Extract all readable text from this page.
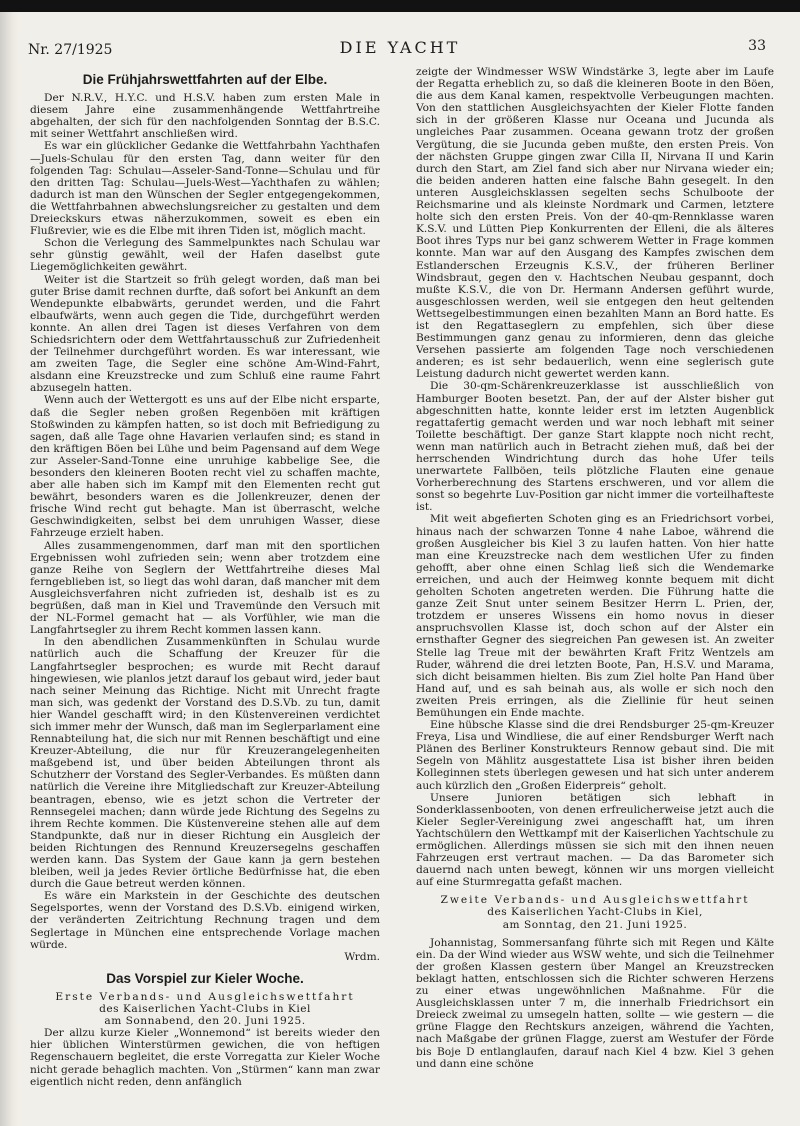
Nr. 27/1925	DIE YACHT	33
Die Frühjahrswettfahrten auf der Elbe.

Der N.R.V., H.Y.C. und H.S.V. haben zum ersten Male in diesem Jahre eine zusammenhängende Wettfahrtreihe abgehalten, der sich für den nachfolgenden Sonntag der B.S.C. mit seiner Wettfahrt anschließen wird.

Es war ein glücklicher Gedanke die Wettfahrbahn Yachthafen—Juels-Schulau für den ersten Tag, dann weiter für den folgenden Tag: Schulau—Asseler-Sand-Tonne—Schulau und für den dritten Tag: Schulau—Juels-West—Yachthafen zu wählen; dadurch ist man den Wünschen der Segler entgegengekommen, die Wettfahrbahnen abwechslungsreicher zu gestalten und dem Dreieckskurs etwas näherzukommen, soweit es eben ein Flußrevier, wie es die Elbe mit ihren Tiden ist, möglich macht.

Schon die Verlegung des Sammelpunktes nach Schulau war sehr günstig gewählt, weil der Hafen daselbst gute Liegemöglichkeiten gewährt.

Weiter ist die Startzeit so früh gelegt worden, daß man bei guter Brise damit rechnen durfte, daß sofort bei Ankunft an dem Wendepunkte elbabwärts, gerundet werden, und die Fahrt elbaufwärts, wenn auch gegen die Tide, durchgeführt werden konnte. An allen drei Tagen ist dieses Verfahren von dem Schiedsrichtern oder dem Wettfahrtausschuß zur Zufriedenheit der Teilnehmer durchgeführt worden. Es war interessant, wie am zweiten Tage, die Segler eine schöne Am-Wind-Fahrt, alsdann eine Kreuzstrecke und zum Schluß eine raume Fahrt abzusegeln hatten.

Wenn auch der Wettergott es uns auf der Elbe nicht ersparte, daß die Segler neben großen Regenböen mit kräftigen Stoßwinden zu kämpfen hatten, so ist doch mit Befriedigung zu sagen, daß alle Tage ohne Havarien verlaufen sind; es stand in den kräftigen Böen bei Lühe und beim Pagensand auf dem Wege zur Asseler-Sand-Tonne eine unruhige kabbelige See, die besonders den kleineren Booten recht viel zu schaffen machte, aber alle haben sich im Kampf mit den Elementen recht gut bewährt, besonders waren es die Jollenkreuzer, denen der frische Wind recht gut behagte. Man ist überrascht, welche Geschwindigkeiten, selbst bei dem unruhigen Wasser, diese Fahrzeuge erzielt haben.

Alles zusammengenommen, darf man mit den sportlichen Ergebnissen wohl zufrieden sein; wenn aber trotzdem eine ganze Reihe von Seglern der Wettfahrtreihe dieses Mal ferngeblieben ist, so liegt das wohl daran, daß mancher mit dem Ausgleichsverfahren nicht zufrieden ist, deshalb ist es zu begrüßen, daß man in Kiel und Travemünde den Versuch mit der NL-Formel gemacht hat — als Vorfühler, wie man die Langfahrtsegler zu ihrem Recht kommen lassen kann.

In den abendlichen Zusammenkünften in Schulau wurde natürlich auch die Schaffung der Kreuzer für die Langfahrtsegler besprochen; es wurde mit Recht darauf hingewiesen, wie planlos jetzt darauf los gebaut wird, jeder baut nach seiner Meinung das Richtige. Nicht mit Unrecht fragte man sich, was gedenkt der Vorstand des D.S.Vb. zu tun, damit hier Wandel geschafft wird; in den Küstenvereinen verdichtet sich immer mehr der Wunsch, daß man im Seglerparlament eine Rennabteilung hat, die sich nur mit Rennen beschäftigt und eine Kreuzer-Abteilung, die nur für Kreuzerangelegenheiten maßgebend ist, und über beiden Abteilungen thront als Schutzherr der Vorstand des Segler-Verbandes. Es müßten dann natürlich die Vereine ihre Mitgliedschaft zur Kreuzer-Abteilung beantragen, ebenso, wie es jetzt schon die Vertreter der Rennsegelei machen; dann würde jede Richtung des Segelns zu ihrem Rechte kommen. Die Küstenvereine stehen alle auf dem Standpunkte, daß nur in dieser Richtung ein Ausgleich der beiden Richtungen des Rennund Kreuzersegelns geschaffen werden kann. Das System der Gaue kann ja gern bestehen bleiben, weil ja jedes Revier örtliche Bedürfnisse hat, die eben durch die Gaue betreut werden können.

Es wäre ein Markstein in der Geschichte des deutschen Segelsportes, wenn der Vorstand des D.S.Vb. einigend wirken, der veränderten Zeitrichtung Rechnung tragen und dem Seglertage in München eine entsprechende Vorlage machen würde.

Wrdm.

Das Vorspiel zur Kieler Woche.

Erste Verbands- und Ausgleichswettfahrt

des Kaiserlichen Yacht-Clubs in Kiel

am Sonnabend, den 20. Juni 1925.

Der allzu kurze Kieler „Wonnemond“ ist bereits wieder den hier üblichen Winterstürmen gewichen, die von heftigen Regenschauern begleitet, die erste Vorregatta zur Kieler Woche nicht gerade behaglich machten. Von „Stürmen“ kann man zwar eigentlich nicht reden, denn anfänglich

zeigte der Windmesser WSW Windstärke 3, legte aber im Laufe der Regatta erheblich zu, so daß die kleineren Boote in den Böen, die aus dem Kanal kamen, respektvolle Verbeugungen machten. Von den stattlichen Ausgleichsyachten der Kieler Flotte fanden sich in der größeren Klasse nur Oceana und Jucunda als ungleiches Paar zusammen. Oceana gewann trotz der großen Vergütung, die sie Jucunda geben mußte, den ersten Preis. Von der nächsten Gruppe gingen zwar Cilla II, Nirvana II und Karin durch den Start, am Ziel fand sich aber nur Nirvana wieder ein; die beiden anderen hatten eine falsche Bahn gesegelt. In den unteren Ausgleichsklassen segelten sechs Schulboote der Reichsmarine und als kleinste Nordmark und Carmen, letztere holte sich den ersten Preis. Von der 40-qm-Rennklasse waren K.S.V. und Lütten Piep Konkurrenten der Elleni, die als älteres Boot ihres Typs nur bei ganz schwerem Wetter in Frage kommen konnte. Man war auf den Ausgang des Kampfes zwischen dem Estlanderschen Erzeugnis K.S.V., der früheren Berliner Windsbraut, gegen den v. Hachtschen Neubau gespannt, doch mußte K.S.V., die von Dr. Hermann Andersen geführt wurde, ausgeschlossen werden, weil sie entgegen den heut geltenden Wettsegelbestimmungen einen bezahlten Mann an Bord hatte. Es ist den Regattaseglern zu empfehlen, sich über diese Bestimmungen ganz genau zu informieren, denn das gleiche Versehen passierte am folgenden Tage noch verschiedenen anderen; es ist sehr bedauerlich, wenn eine seglerisch gute Leistung dadurch nicht gewertet werden kann.

Die 30-qm-Schärenkreuzerklasse ist ausschließlich von Hamburger Booten besetzt. Pan, der auf der Alster bisher gut abgeschnitten hatte, konnte leider erst im letzten Augenblick regattafertig gemacht werden und war noch lebhaft mit seiner Toilette beschäftigt. Der ganze Start klappte noch nicht recht, wenn man natürlich auch in Betracht ziehen muß, daß bei der herrschenden Windrichtung durch das hohe Ufer teils unerwartete Fallböen, teils plötzliche Flauten eine genaue Vorherberechnung des Startens erschweren, und vor allem die sonst so begehrte Luv-Position gar nicht immer die vorteilhafteste ist.

Mit weit abgefierten Schoten ging es an Friedrichsort vorbei, hinaus nach der schwarzen Tonne 4 nahe Laboe, während die großen Ausgleicher bis Kiel 3 zu laufen hatten. Von hier hatte man eine Kreuzstrecke nach dem westlichen Ufer zu finden gehofft, aber ohne einen Schlag ließ sich die Wendemarke erreichen, und auch der Heimweg konnte bequem mit dicht geholten Schoten angetreten werden. Die Führung hatte die ganze Zeit Snut unter seinem Besitzer Herrn L. Prien, der, trotzdem er unseres Wissens ein homo novus in dieser anspruchsvollen Klasse ist, doch schon auf der Alster ein ernsthafter Gegner des siegreichen Pan gewesen ist. An zweiter Stelle lag Treue mit der bewährten Kraft Fritz Wentzels am Ruder, während die drei letzten Boote, Pan, H.S.V. und Marama, sich dicht beisammen hielten. Bis zum Ziel holte Pan Hand über Hand auf, und es sah beinah aus, als wolle er sich noch den zweiten Preis erringen, als die Ziellinie für heut seinen Bemühungen ein Ende machte.

Eine hübsche Klasse sind die drei Rendsburger 25-qm-Kreuzer Freya, Lisa und Windliese, die auf einer Rendsburger Werft nach Plänen des Berliner Konstrukteurs Rennow gebaut sind. Die mit Segeln von Mählitz ausgestattete Lisa ist bisher ihren beiden Kolleginnen stets überlegen gewesen und hat sich unter anderem auch kürzlich den „Großen Eiderpreis“ geholt.

Unsere Junioren betätigen sich lebhaft in Sonderklassenbooten, von denen erfreulicherweise jetzt auch die Kieler Segler-Vereinigung zwei angeschafft hat, um ihren Yachtschülern den Wettkampf mit der Kaiserlichen Yachtschule zu ermöglichen. Allerdings müssen sie sich mit den ihnen neuen Fahrzeugen erst vertraut machen. — Da das Barometer sich dauernd nach unten bewegt, können wir uns morgen vielleicht auf eine Sturmregatta gefaßt machen.

Zweite Verbands- und Ausgleichswettfahrt

des Kaiserlichen Yacht-Clubs in Kiel,

am Sonntag, den 21. Juni 1925.

Johannistag, Sommersanfang führte sich mit Regen und Kälte ein. Da der Wind wieder aus WSW wehte, und sich die Teilnehmer der großen Klassen gestern über Mangel an Kreuzstrecken beklagt hatten, entschlossen sich die Richter schweren Herzens zu einer etwas ungewöhnlichen Maßnahme. Für die Ausgleichsklassen unter 7 m, die innerhalb Friedrichsort ein Dreieck zweimal zu umsegeln hatten, sollte — wie gestern — die grüne Flagge den Rechtskurs anzeigen, während die Yachten, nach Maßgabe der grünen Flagge, zuerst am Westufer der Förde bis Boje D entlanglaufen, darauf nach Kiel 4 bzw. Kiel 3 gehen und dann eine schöne
